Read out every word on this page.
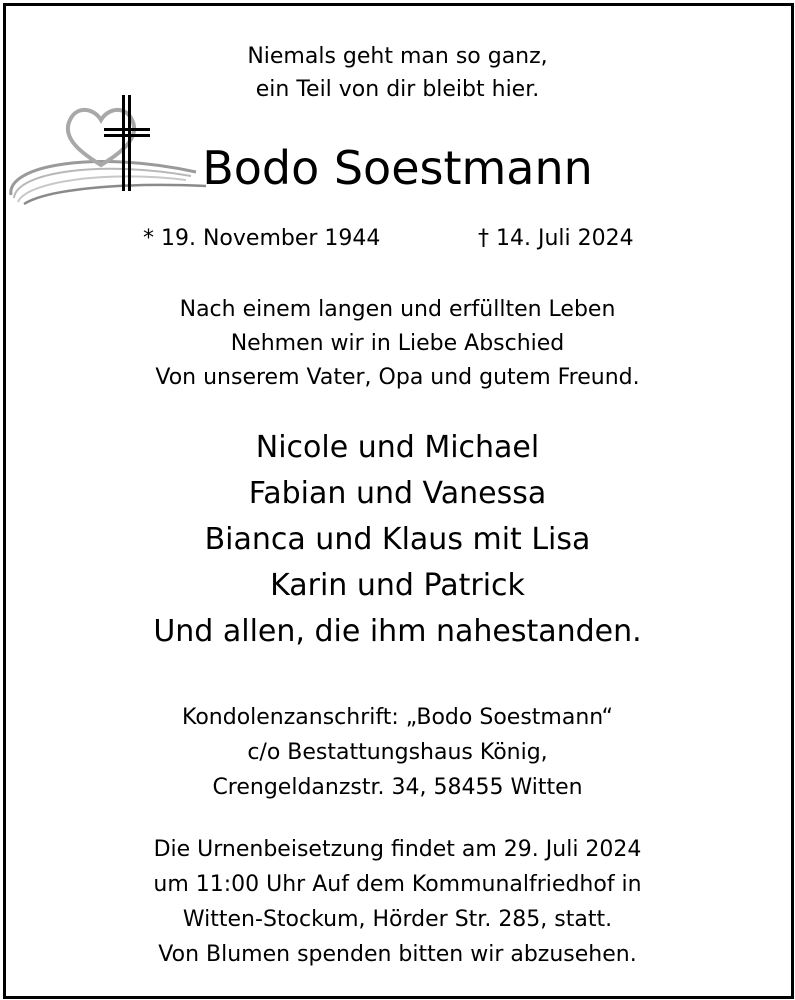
Niemals geht man so ganz,
ein Teil von dir bleibt hier.
Bodo Soestmann
* 19. November 1944	† 14. Juli 2024
Nach einem langen und erfüllten Leben
Nehmen wir in Liebe Abschied
Von unserem Vater, Opa und gutem Freund.
Nicole und Michael
Fabian und Vanessa
Bianca und Klaus mit Lisa
Karin und Patrick
Und allen, die ihm nahestanden.
Kondolenzanschrift: „Bodo Soestmann“
c/o Bestattungshaus König,
Crengeldanzstr. 34, 58455 Witten
Die Urnenbeisetzung findet am 29. Juli 2024
um 11:00 Uhr Auf dem Kommunalfriedhof in
Witten-Stockum, Hörder Str. 285, statt.
Von Blumen spenden bitten wir abzusehen.
